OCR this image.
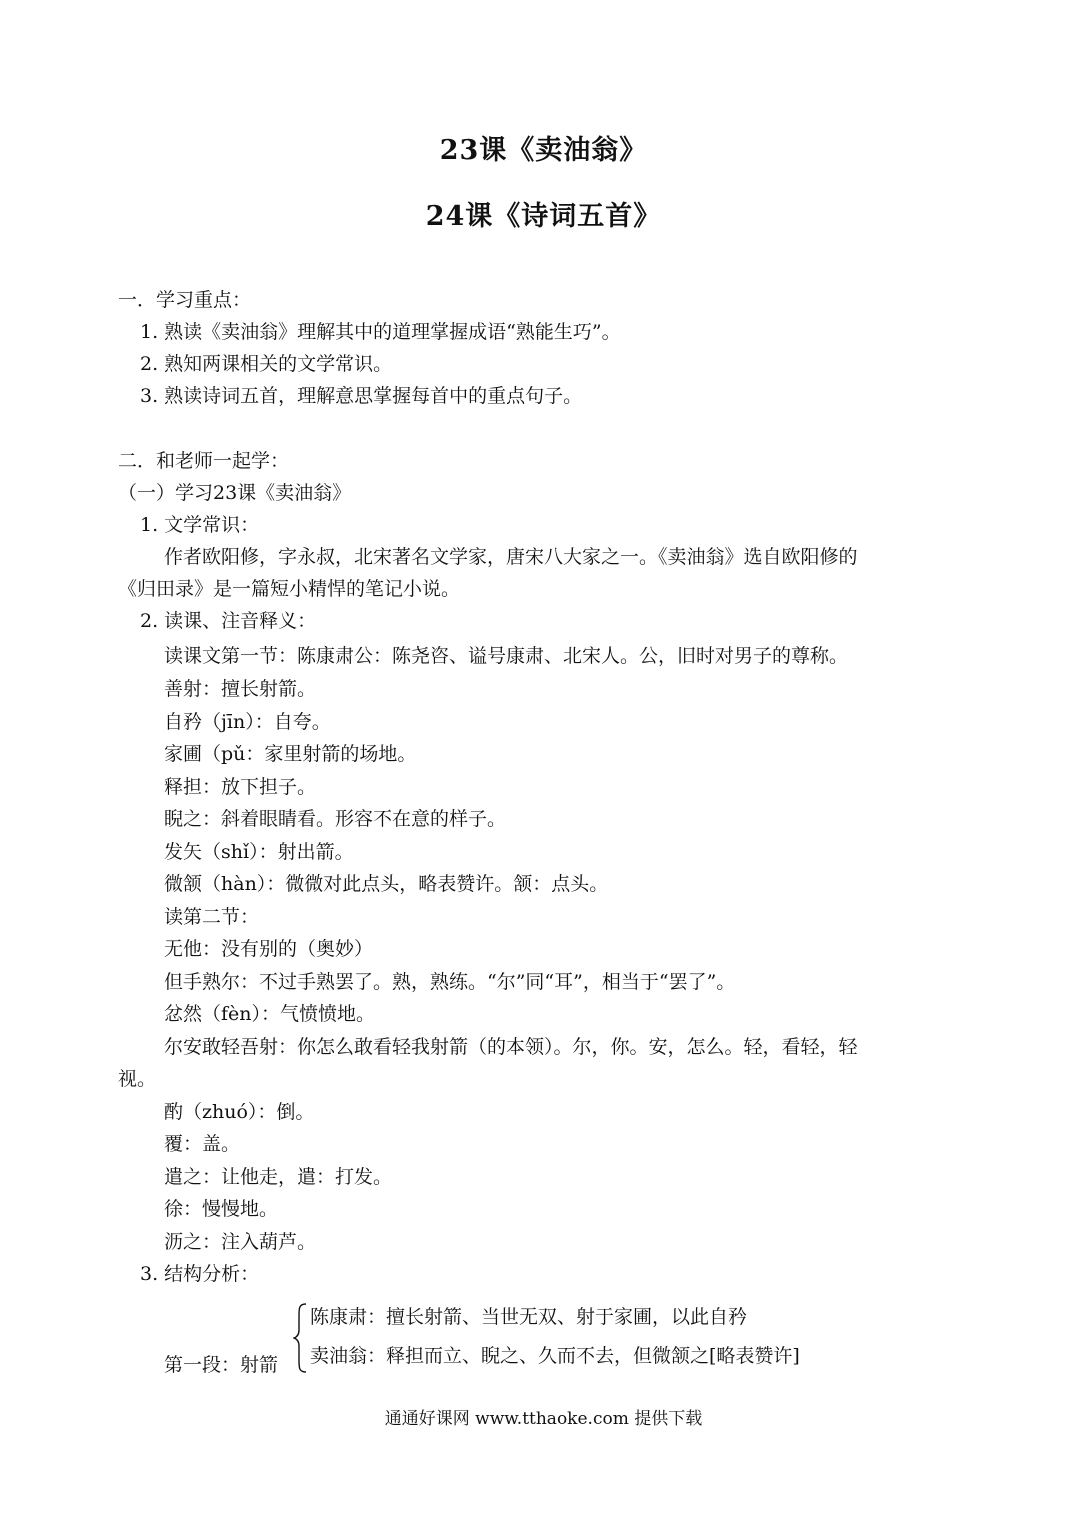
23课《卖油翁》
24课《诗词五首》
一．学习重点：
1. 熟读《卖油翁》理解其中的道理掌握成语“熟能生巧”。
2. 熟知两课相关的文学常识。
3. 熟读诗词五首，理解意思掌握每首中的重点句子。
二．和老师一起学：
（一）学习23课《卖油翁》
1. 文学常识：
作者欧阳修，字永叔，北宋著名文学家，唐宋八大家之一。《卖油翁》选自欧阳修的
《归田录》是一篇短小精悍的笔记小说。
2. 读课、注音释义：
读课文第一节：陈康肃公：陈尧咨、谥号康肃、北宋人。公，旧时对男子的尊称。
善射：擅长射箭。
自矜（jīn）：自夸。
家圃（pǔ：家里射箭的场地。
释担：放下担子。
睨之：斜着眼睛看。形容不在意的样子。
发矢（shǐ）：射出箭。
微颔（hàn）：微微对此点头，略表赞许。颔：点头。
读第二节：
无他：没有别的（奥妙）
但手熟尔：不过手熟罢了。熟，熟练。“尔”同“耳”，相当于“罢了”。
忿然（fèn）：气愤愤地。
尔安敢轻吾射：你怎么敢看轻我射箭（的本领）。尔，你。安，怎么。轻，看轻，轻
视。
酌（zhuó）：倒。
覆：盖。
遣之：让他走，遣：打发。
徐：慢慢地。
沥之：注入葫芦。
3. 结构分析：
第一段：射箭
陈康肃：擅长射箭、当世无双、射于家圃，以此自矜
卖油翁：释担而立、睨之、久而不去，但微颔之[略表赞许]
通通好课网 www.tthaoke.com 提供下载
